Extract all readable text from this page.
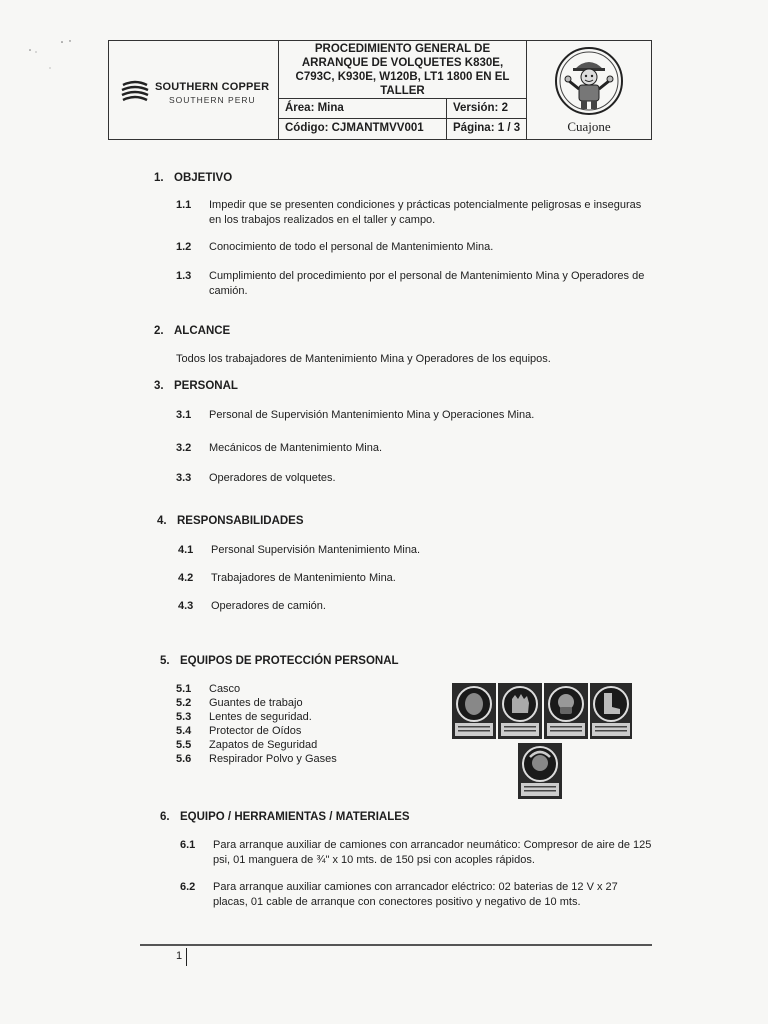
SOUTHERN COPPER
SOUTHERN PERU
PROCEDIMIENTO GENERAL DE
ARRANQUE DE VOLQUETES K830E,
C793C, K930E, W120B, LT1 1800 EN EL
TALLER
Área: Mina	Versión: 2
Código: CJMANTMVV001	Página: 1 / 3	Cuajone
1. OBJETIVO
1.1 Impedir que se presenten condiciones y prácticas potencialmente peligrosas e inseguras en los trabajos realizados en el taller y campo.
1.2 Conocimiento de todo el personal de Mantenimiento Mina.
1.3 Cumplimiento del procedimiento por el personal de Mantenimiento Mina y Operadores de camión.
2. ALCANCE
Todos los trabajadores de Mantenimiento Mina y Operadores de los equipos.
3. PERSONAL
3.1 Personal de Supervisión Mantenimiento Mina y Operaciones Mina.
3.2 Mecánicos de Mantenimiento Mina.
3.3 Operadores de volquetes.
4. RESPONSABILIDADES
4.1 Personal Supervisión Mantenimiento Mina.
4.2 Trabajadores de Mantenimiento Mina.
4.3 Operadores de camión.
5. EQUIPOS DE PROTECCIÓN PERSONAL
5.1 Casco
5.2 Guantes de trabajo
5.3 Lentes de seguridad.
5.4 Protector de Oídos
5.5 Zapatos de Seguridad
5.6 Respirador Polvo y Gases
6. EQUIPO / HERRAMIENTAS / MATERIALES
6.1 Para arranque auxiliar de camiones con arrancador neumático: Compresor de aire de 125 psi, 01 manguera de ¾" x 10 mts. de 150 psi con acoples rápidos.
6.2 Para arranque auxiliar camiones con arrancador eléctrico: 02 baterias de 12 V x 27 placas, 01 cable de arranque con conectores positivo y negativo de 10 mts.
1
